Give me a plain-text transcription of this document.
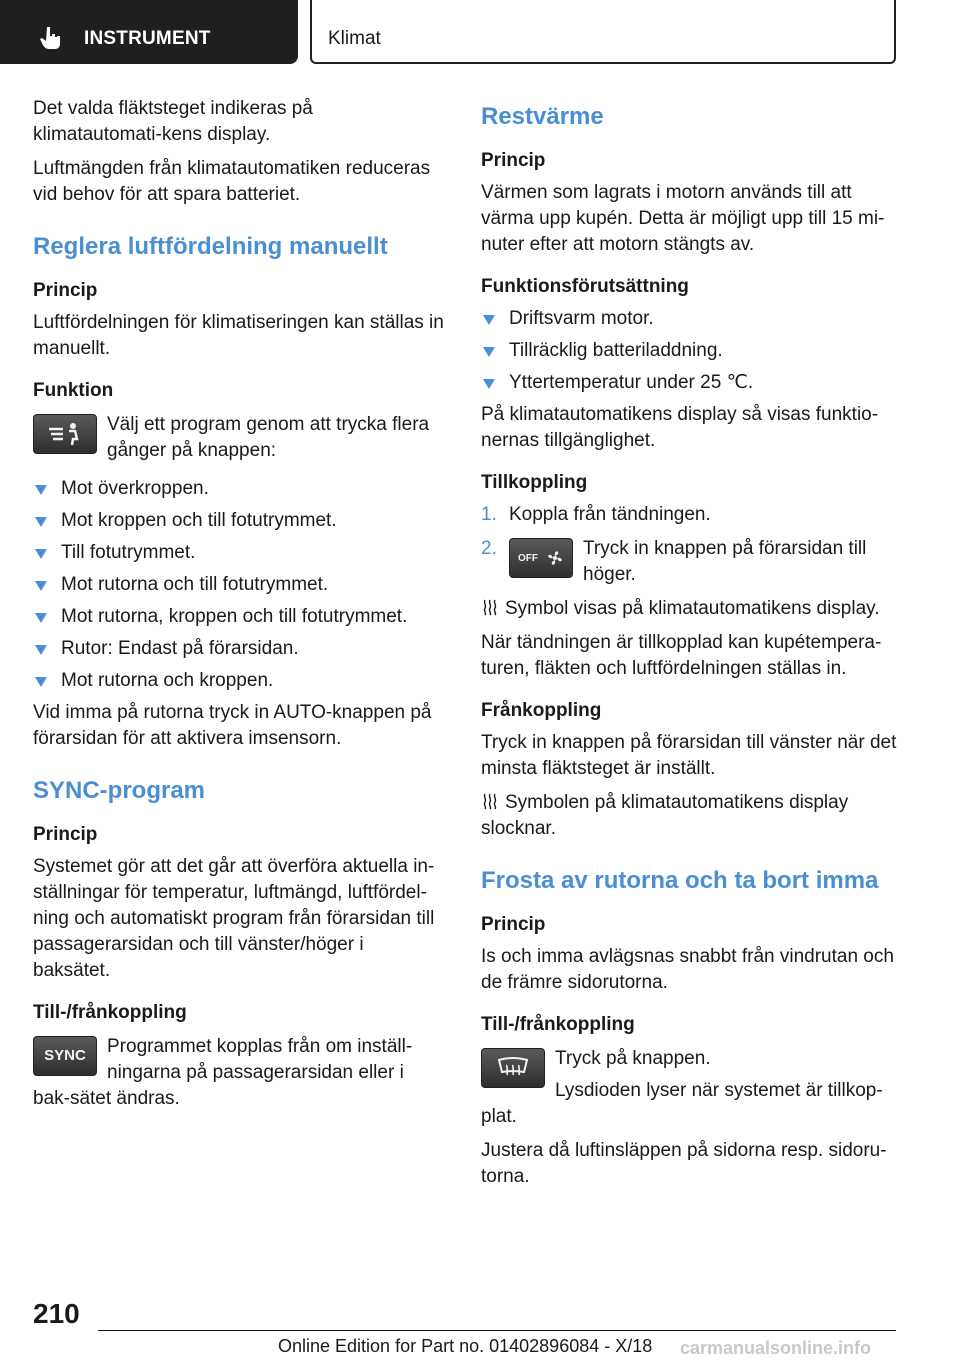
INSTRUMENT	Klimat

Det valda fläktsteget indikeras på klimatautomati-kens display.

Luftmängden från klimatautomatiken reduceras vid behov för att spara batteriet.

Reglera luftfördelning manuellt
Princip

Luftfördelningen för klimatiseringen kan ställas in manuellt.

Funktion
Välj ett program genom att trycka flera gånger på knappen:
Mot överkroppen.
Mot kroppen och till fotutrymmet.
Till fotutrymmet.
Mot rutorna och till fotutrymmet.
Mot rutorna, kroppen och till fotutrymmet.
Rutor: Endast på förarsidan.
Mot rutorna och kroppen.

Vid imma på rutorna tryck in AUTO-knappen på förarsidan för att aktivera imsensorn.

SYNC-program
Princip

Systemet gör att det går att överföra aktuella in-ställningar för temperatur, luftmängd, luftfördel-ning och automatiskt program från förarsidan till passagerarsidan och till vänster/höger i baksätet.

Till-/frånkoppling
SYNC	Programmet kopplas från om inställ-ningarna på passagerarsidan eller i bak-sätet ändras.
Restvärme
Princip

Värmen som lagrats i motorn används till att värma upp kupén. Detta är möjligt upp till 15 mi-nuter efter att motorn stängts av.

Funktionsförutsättning
Driftsvarm motor.
Tillräcklig batteriladdning.
Yttertemperatur under 25 ℃.

På klimatautomatikens display så visas funktio-nernas tillgänglighet.

Tillkoppling
1. Koppla från tändningen.
2. OFF Tryck in knappen på förarsidan till höger.

Symbol visas på klimatautomatikens display.

När tändningen är tillkopplad kan kupétempera-turen, fläkten och luftfördelningen ställas in.

Frånkoppling

Tryck in knappen på förarsidan till vänster när det minsta fläktsteget är inställt.

Symbolen på klimatautomatikens display slocknar.

Frosta av rutorna och ta bort imma
Princip

Is och imma avlägsnas snabbt från vindrutan och de främre sidorutorna.

Till-/frånkoppling
Tryck på knappen.
Lysdioden lyser när systemet är tillkop-plat.

Justera då luftinsläppen på sidorna resp. sidoru-torna.

210
Online Edition for Part no. 01402896084 - X/18 carmanualsonline.info
